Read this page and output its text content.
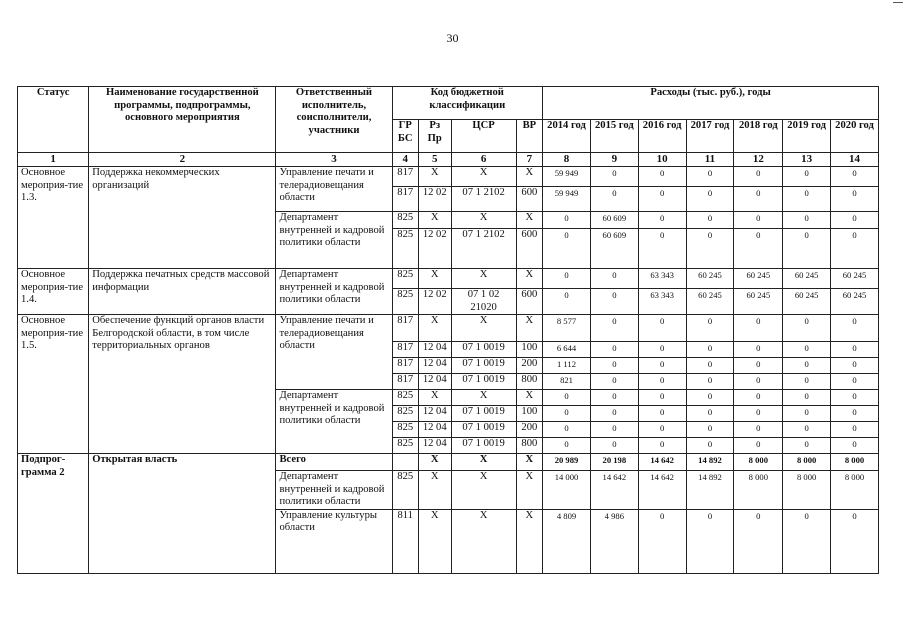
30
Статус	Наименование государственной программы, подпрограммы, основного мероприятия	Ответственный исполнитель, соисполнители, участники	Код бюджетной классификации				Расходы (тыс. руб.), годы						
			ГР БС	Рз Пр	ЦСР	ВР	2014 год	2015 год	2016 год	2017 год	2018 год	2019 год	2020 год
1	2	3	4	5	6	7	8	9	10	11	12	13	14
Основное мероприя-тие 1.3.	Поддержка некоммерческих организаций	Управление печати и телерадиовещания области	817	Х	Х	Х	59 949	0	0	0	0	0	0
			817	12 02	07 1 2102	600	59 949	0	0	0	0	0	0
		Департамент внутренней и кадровой политики области	825	Х	Х	Х	0	60 609	0	0	0	0	0
			825	12 02	07 1 2102	600	0	60 609	0	0	0	0	0
Основное мероприя-тие 1.4.	Поддержка печатных средств массовой информации	Департамент внутренней и кадровой политики области	825	Х	Х	Х	0	0	63 343	60 245	60 245	60 245	60 245
			825	12 02	07 1 02 21020	600	0	0	63 343	60 245	60 245	60 245	60 245
Основное мероприя-тие 1.5.	Обеспечение функций органов власти Белгородской области, в том числе территориальных органов	Управление печати и телерадиовещания области	817	Х	Х	Х	8 577	0	0	0	0	0	0
			817	12 04	07 1 0019	100	6 644	0	0	0	0	0	0
			817	12 04	07 1 0019	200	1 112	0	0	0	0	0	0
			817	12 04	07 1 0019	800	821	0	0	0	0	0	0
		Департамент внутренней и кадровой политики области	825	Х	Х	Х	0	0	0	0	0	0	0
			825	12 04	07 1 0019	100	0	0	0	0	0	0	0
			825	12 04	07 1 0019	200	0	0	0	0	0	0	0
			825	12 04	07 1 0019	800	0	0	0	0	0	0	0
Подпрог-грамма 2	Открытая власть	Всего		Х	Х	Х	20 989	20 198	14 642	14 892	8 000	8 000	8 000
		Департамент внутренней и кадровой политики области	825	Х	Х	Х	14 000	14 642	14 642	14 892	8 000	8 000	8 000
		Управление культуры области	811	Х	Х	Х	4 809	4 986	0	0	0	0	0
